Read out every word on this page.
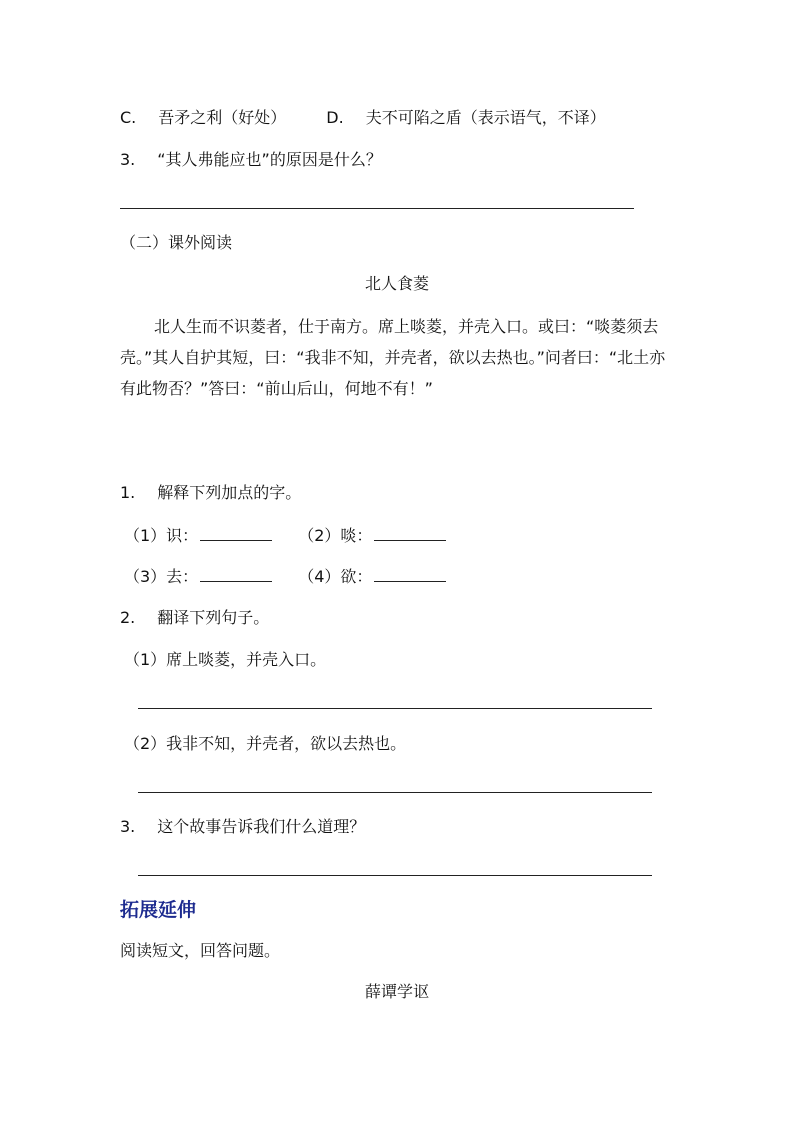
C. 吾矛之利（好处）	D. 夫不可陷之盾（表示语气，不译）
3. “其人弗能应也”的原因是什么？
（二）课外阅读
北人食菱
北人生而不识菱者，仕于南方。席上啖菱，并壳入口。或曰：“啖菱须去壳。”其人自护其短，曰：“我非不知，并壳者，欲以去热也。”问者曰：“北土亦有此物否？”答曰：“前山后山，何地不有！”
1. 解释下列加点的字。
（1）识：	（2）啖：
（3）去：	（4）欲：
2. 翻译下列句子。
（1）席上啖菱，并壳入口。
（2）我非不知，并壳者，欲以去热也。
3. 这个故事告诉我们什么道理？
拓展延伸
阅读短文，回答问题。
薛谭学讴
